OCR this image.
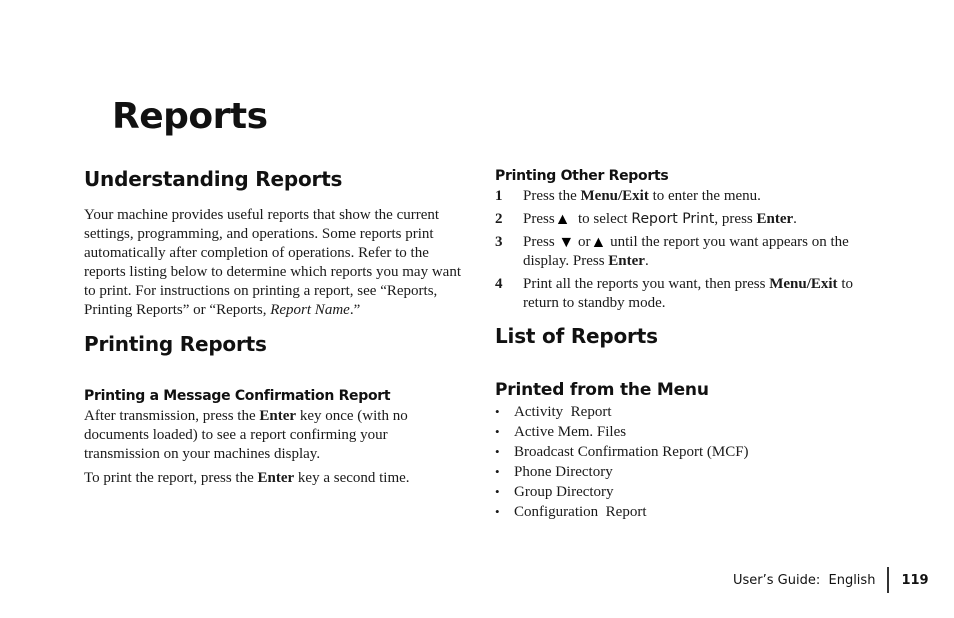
Reports
Understanding Reports

Your machine provides useful reports that show the current settings, programming, and operations. Some reports print automatically after completion of operations. Refer to the reports listing below to determine which reports you may want to print. For instructions on printing a report, see “Reports, Printing Reports” or “Reports, Report Name.”

Printing Reports
Printing a Message Confirmation Report

After transmission, press the Enter key once (with no documents loaded) to see a report confirming your transmission on your machines display.

To print the report, press the Enter key a second time.

Printing Other Reports
1	Press the Menu/Exit to enter the menu.
2	Press▲  to select Report Print, press Enter.
3	Press ▼ or▲ until the report you want appears on the display. Press Enter.
4	Print all the reports you want, then press Menu/Exit to return to standby mode.
List of Reports
Printed from the Menu
• Activity  Report
• Active Mem. Files
• Broadcast Confirmation Report (MCF)
• Phone Directory
• Group Directory
• Configuration  Report
User’s Guide:  English 119
